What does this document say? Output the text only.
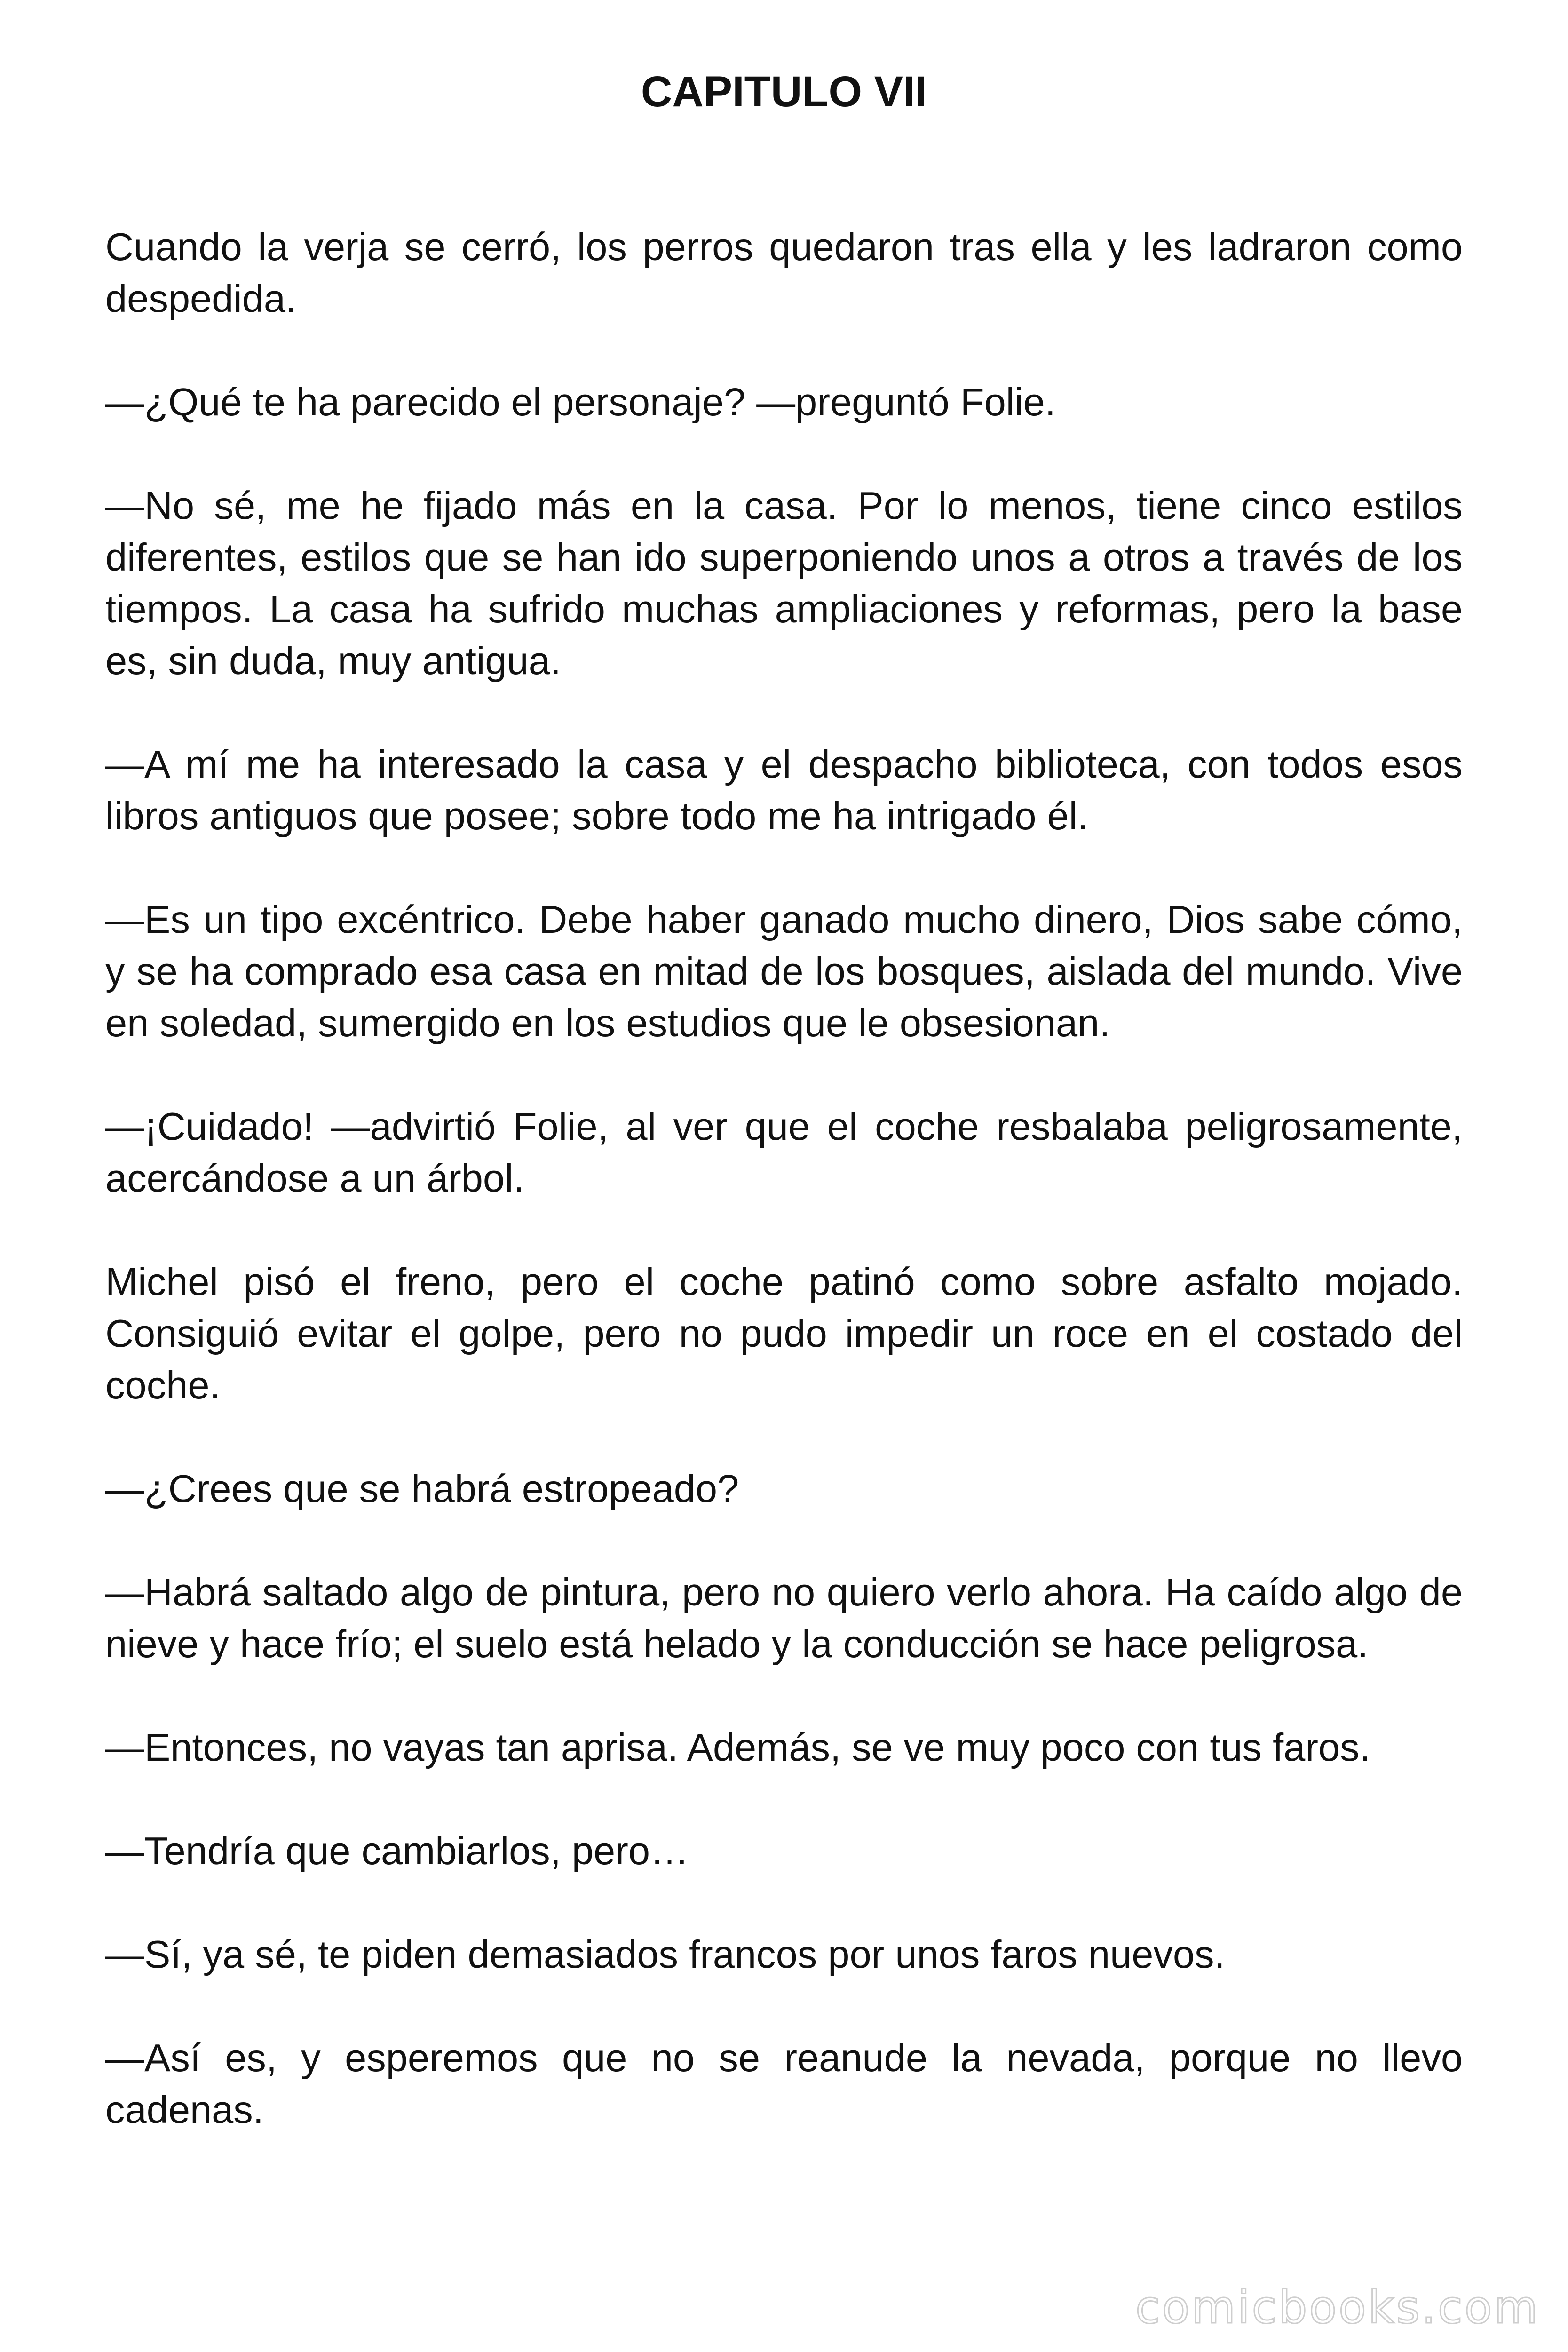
CAPITULO VII

Cuando la verja se cerró, los perros quedaron tras ella y les ladraron como despedida.

—¿Qué te ha parecido el personaje? —preguntó Folie.

—No sé, me he fijado más en la casa. Por lo menos, tiene cinco estilos diferentes, estilos que se han ido superponiendo unos a otros a través de los tiempos. La casa ha sufrido muchas ampliaciones y reformas, pero la base es, sin duda, muy antigua.

—A mí me ha interesado la casa y el despacho biblioteca, con todos esos libros antiguos que posee; sobre todo me ha intrigado él.

—Es un tipo excéntrico. Debe haber ganado mucho dinero, Dios sabe cómo, y se ha comprado esa casa en mitad de los bosques, aislada del mundo. Vive en soledad, sumergido en los estudios que le obsesionan.

—¡Cuidado! —advirtió Folie, al ver que el coche resbalaba peligrosamente, acercándose a un árbol.

Michel pisó el freno, pero el coche patinó como sobre asfalto mojado. Consiguió evitar el golpe, pero no pudo impedir un roce en el costado del coche.

—¿Crees que se habrá estropeado?

—Habrá saltado algo de pintura, pero no quiero verlo ahora. Ha caído algo de nieve y hace frío; el suelo está helado y la conducción se hace peligrosa.

—Entonces, no vayas tan aprisa. Además, se ve muy poco con tus faros.

—Tendría que cambiarlos, pero…

—Sí, ya sé, te piden demasiados francos por unos faros nuevos.

—Así es, y esperemos que no se reanude la nevada, porque no llevo cadenas.

comicbooks.com
